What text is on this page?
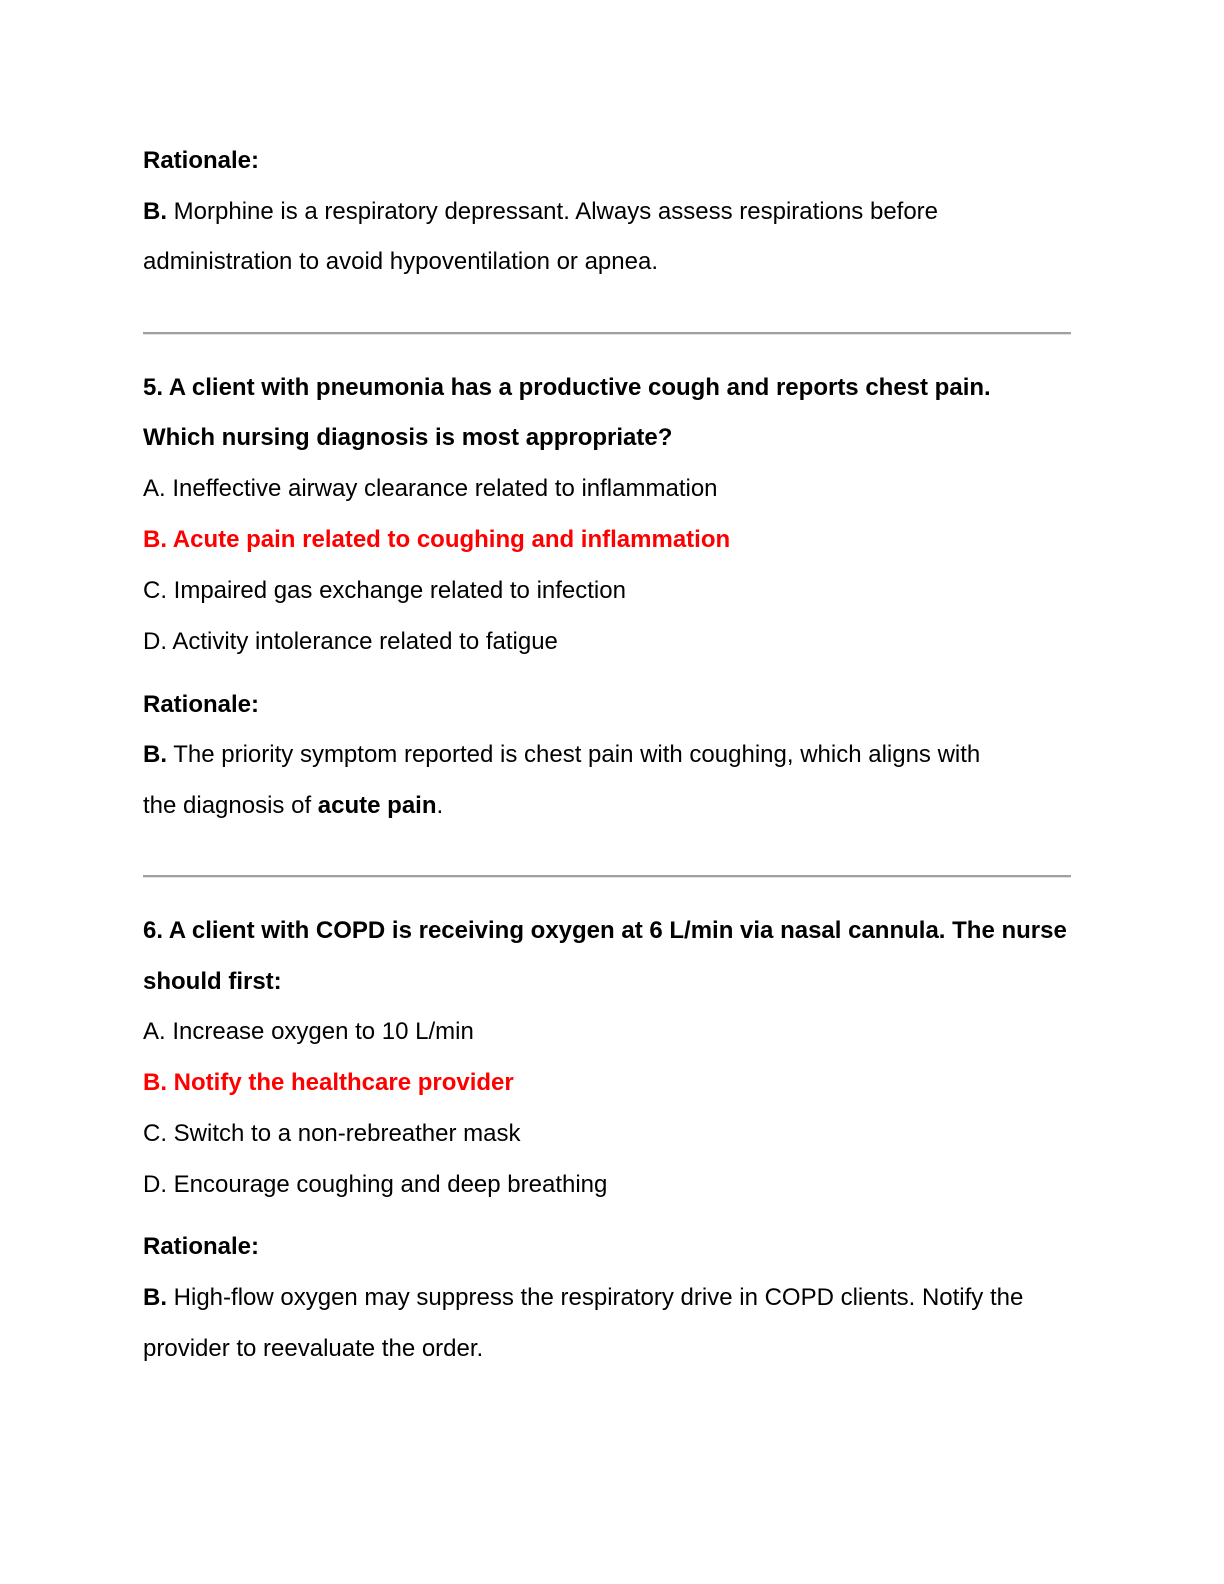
Rationale:
B. Morphine is a respiratory depressant. Always assess respirations before
administration to avoid hypoventilation or apnea.
5. A client with pneumonia has a productive cough and reports chest pain.
Which nursing diagnosis is most appropriate?
A. Ineffective airway clearance related to inflammation
B. Acute pain related to coughing and inflammation
C. Impaired gas exchange related to infection
D. Activity intolerance related to fatigue
Rationale:
B. The priority symptom reported is chest pain with coughing, which aligns with
the diagnosis of acute pain.
6. A client with COPD is receiving oxygen at 6 L/min via nasal cannula. The nurse
should first:
A. Increase oxygen to 10 L/min
B. Notify the healthcare provider
C. Switch to a non-rebreather mask
D. Encourage coughing and deep breathing
Rationale:
B. High-flow oxygen may suppress the respiratory drive in COPD clients. Notify the
provider to reevaluate the order.
